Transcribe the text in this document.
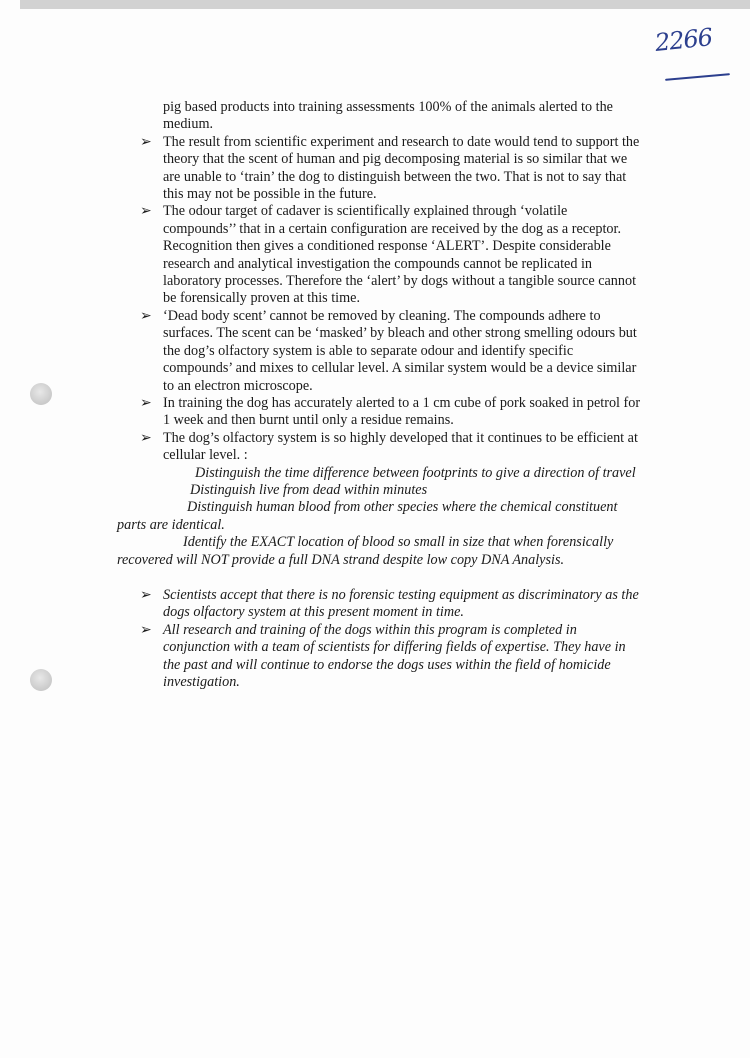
2266
pig based products into training assessments 100% of the animals alerted to the medium.
➢ The result from scientific experiment and research to date would tend to support the theory that the scent of human and pig decomposing material is so similar that we are unable to ‘train’ the dog to distinguish between the two. That is not to say that this may not be possible in the future.
➢ The odour target of cadaver is scientifically explained through ‘volatile compounds’’ that in a certain configuration are received by the dog as a receptor. Recognition then gives a conditioned response ‘ALERT’. Despite considerable research and analytical investigation the compounds cannot be replicated in laboratory processes. Therefore the ‘alert’ by dogs without a tangible source cannot be forensically proven at this time.
➢ ‘Dead body scent’ cannot be removed by cleaning. The compounds adhere to surfaces. The scent can be ‘masked’ by bleach and other strong smelling odours but the dog’s olfactory system is able to separate odour and identify specific compounds’ and mixes to cellular level. A similar system would be a device similar to an electron microscope.
➢ In training the dog has accurately alerted to a 1 cm cube of pork soaked in petrol for 1 week and then burnt until only a residue remains.
➢ The dog’s olfactory system is so highly developed that it continues to be efficient at cellular level. :
Distinguish the time difference between footprints to give a direction of travel
Distinguish live from dead within minutes
Distinguish human blood from other species where the chemical constituent parts are identical.
Identify the EXACT location of blood so small in size that when forensically recovered will NOT provide a full DNA strand despite low copy DNA Analysis.
➢ Scientists accept that there is no forensic testing equipment as discriminatory as the dogs olfactory system at this present moment in time.
➢ All research and training of the dogs within this program is completed in conjunction with a team of scientists for differing fields of expertise. They have in the past and will continue to endorse the dogs uses within the field of homicide investigation.
